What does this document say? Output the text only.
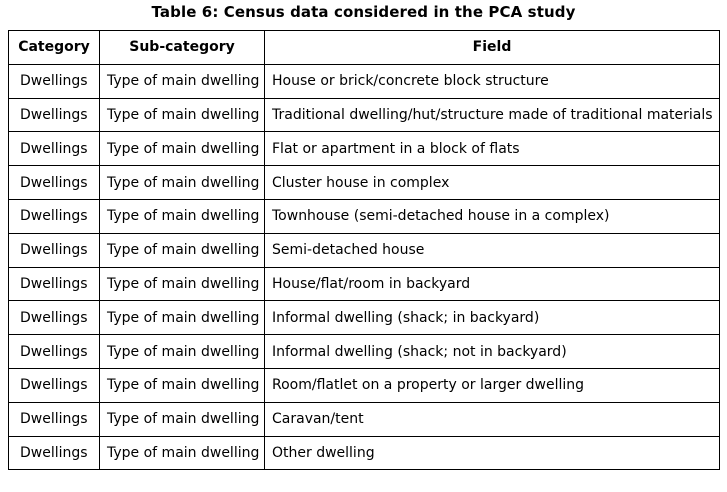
Table 6: Census data considered in the PCA study
Category	Sub-category	Field
Dwellings	Type of main dwelling	House or brick/concrete block structure
Dwellings	Type of main dwelling	Traditional dwelling/hut/structure made of traditional materials
Dwellings	Type of main dwelling	Flat or apartment in a block of flats
Dwellings	Type of main dwelling	Cluster house in complex
Dwellings	Type of main dwelling	Townhouse (semi-detached house in a complex)
Dwellings	Type of main dwelling	Semi-detached house
Dwellings	Type of main dwelling	House/flat/room in backyard
Dwellings	Type of main dwelling	Informal dwelling (shack; in backyard)
Dwellings	Type of main dwelling	Informal dwelling (shack; not in backyard)
Dwellings	Type of main dwelling	Room/flatlet on a property or larger dwelling
Dwellings	Type of main dwelling	Caravan/tent
Dwellings	Type of main dwelling	Other dwelling
